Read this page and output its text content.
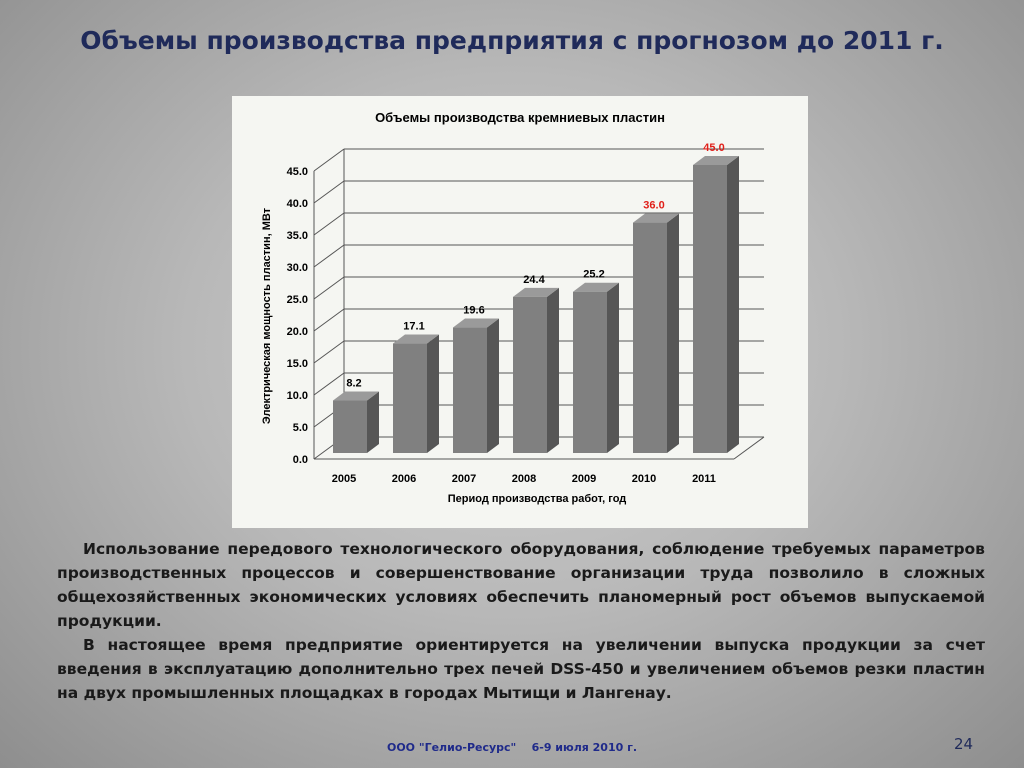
Объемы производства предприятия с прогнозом до 2011 г.
Объемы производства кремниевых пластин
Электрическая мощность пластин, МВт
Период производства работ, год
0.0
5.0
10.0
15.0
20.0
25.0
30.0
35.0
40.0
45.0
8.2
2005
17.1
2006
19.6
2007
24.4
2008
25.2
2009
36.0
2010
45.0
2011

Использование передового технологического оборудования, соблюдение требуемых параметров производственных процессов и совершенствование организации труда позволило в сложных общехозяйственных экономических условиях обеспечить планомерный рост объемов выпускаемой продукции.

В настоящее время предприятие ориентируется на увеличении выпуска продукции за счет введения в эксплуатацию дополнительно трех печей DSS-450 и увеличением объемов резки пластин на двух промышленных площадках в городах Мытищи и Лангенау.

ООО "Гелио-Ресурс"    6-9 июля 2010 г.	24
